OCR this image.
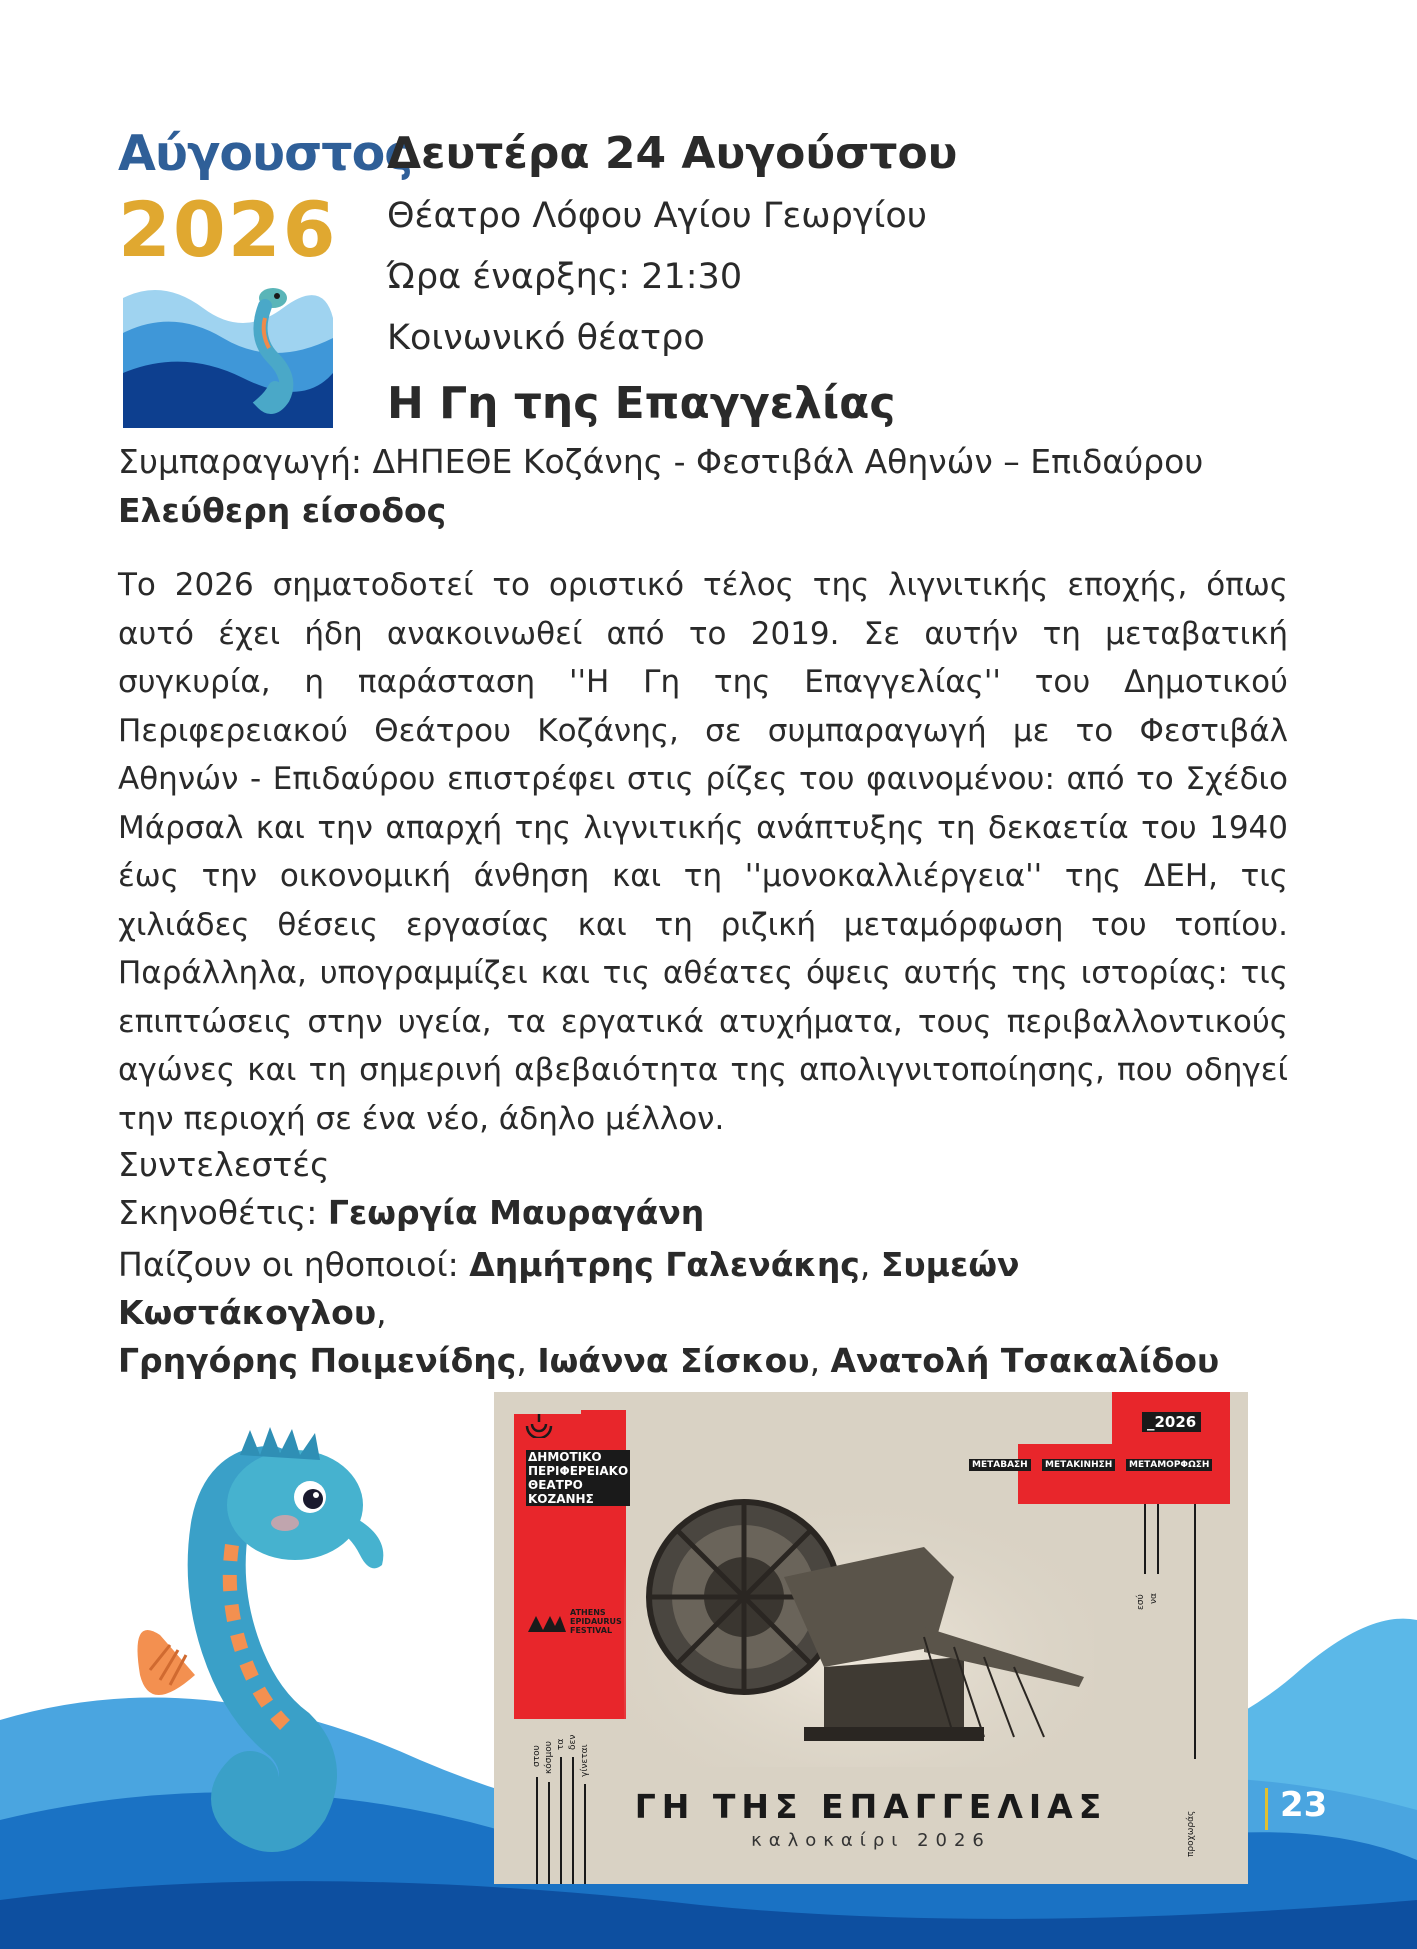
Αύγουστος
2026
Δευτέρα 24 Αυγούστου
Θέατρο Λόφου Αγίου Γεωργίου
Ώρα έναρξης: 21:30
Κοινωνικό θέατρο
Η Γη της Επαγγελίας
Συμπαραγωγή: ΔΗΠΕΘΕ Κοζάνης - Φεστιβάλ Αθηνών – Επιδαύρου
Ελεύθερη είσοδος
Το 2026 σηματοδοτεί το οριστικό τέλος της λιγνιτικής εποχής, όπως αυτό έχει ήδη ανακοινωθεί από το 2019. Σε αυτήν τη μεταβατική συγκυρία, η παράσταση ''Η Γη της Επαγγελίας'' του Δημοτικού Περιφερειακού Θεάτρου Κοζάνης, σε συμπαραγωγή με το Φεστιβάλ Αθηνών - Επιδαύρου επιστρέφει στις ρίζες του φαινομένου: από το Σχέδιο Μάρσαλ και την απαρχή της λιγνιτικής ανάπτυξης τη δεκαετία του 1940 έως την οικονομική άνθηση και τη ''μονοκαλλιέργεια'' της ΔΕΗ, τις χιλιάδες θέσεις εργασίας και τη ριζική μεταμόρφωση του τοπίου. Παράλληλα, υπογραμμίζει και τις αθέατες όψεις αυτής της ιστορίας: τις επιπτώσεις στην υγεία, τα εργατικά ατυχήματα, τους περιβαλλοντικούς αγώνες και τη σημερινή αβεβαιότητα της απολιγνιτοποίησης, που οδηγεί την περιοχή σε ένα νέο, άδηλο μέλλον.
Συντελεστές
Σκηνοθέτις: Γεωργία Μαυραγάνη
Παίζουν οι ηθοποιοί: Δημήτρης Γαλενάκης, Συμεών Κωστάκογλου,
Γρηγόρης Ποιμενίδης, Ιωάννα Σίσκου, Ανατολή Τσακαλίδου
ΔΗΜΟΤΙΚΟ
ΠΕΡΙΦΕΡΕΙΑΚΟ
ΘΕΑΤΡΟ
ΚΟΖΑΝΗΣ
ATHENS
EPIDAURUS
FESTIVAL
_2026
ΜΕΤΑΒΑΣΗ	ΜΕΤΑΚΙΝΗΣΗ	ΜΕΤΑΜΟΡΦΩΣΗ
εσύ να
προχωράς
στου κόσμου τα δεν
γίνεται
ΓΗ ΤΗΣ ΕΠΑΓΓΕΛΙΑΣ
καλοκαίρι 2026
23
